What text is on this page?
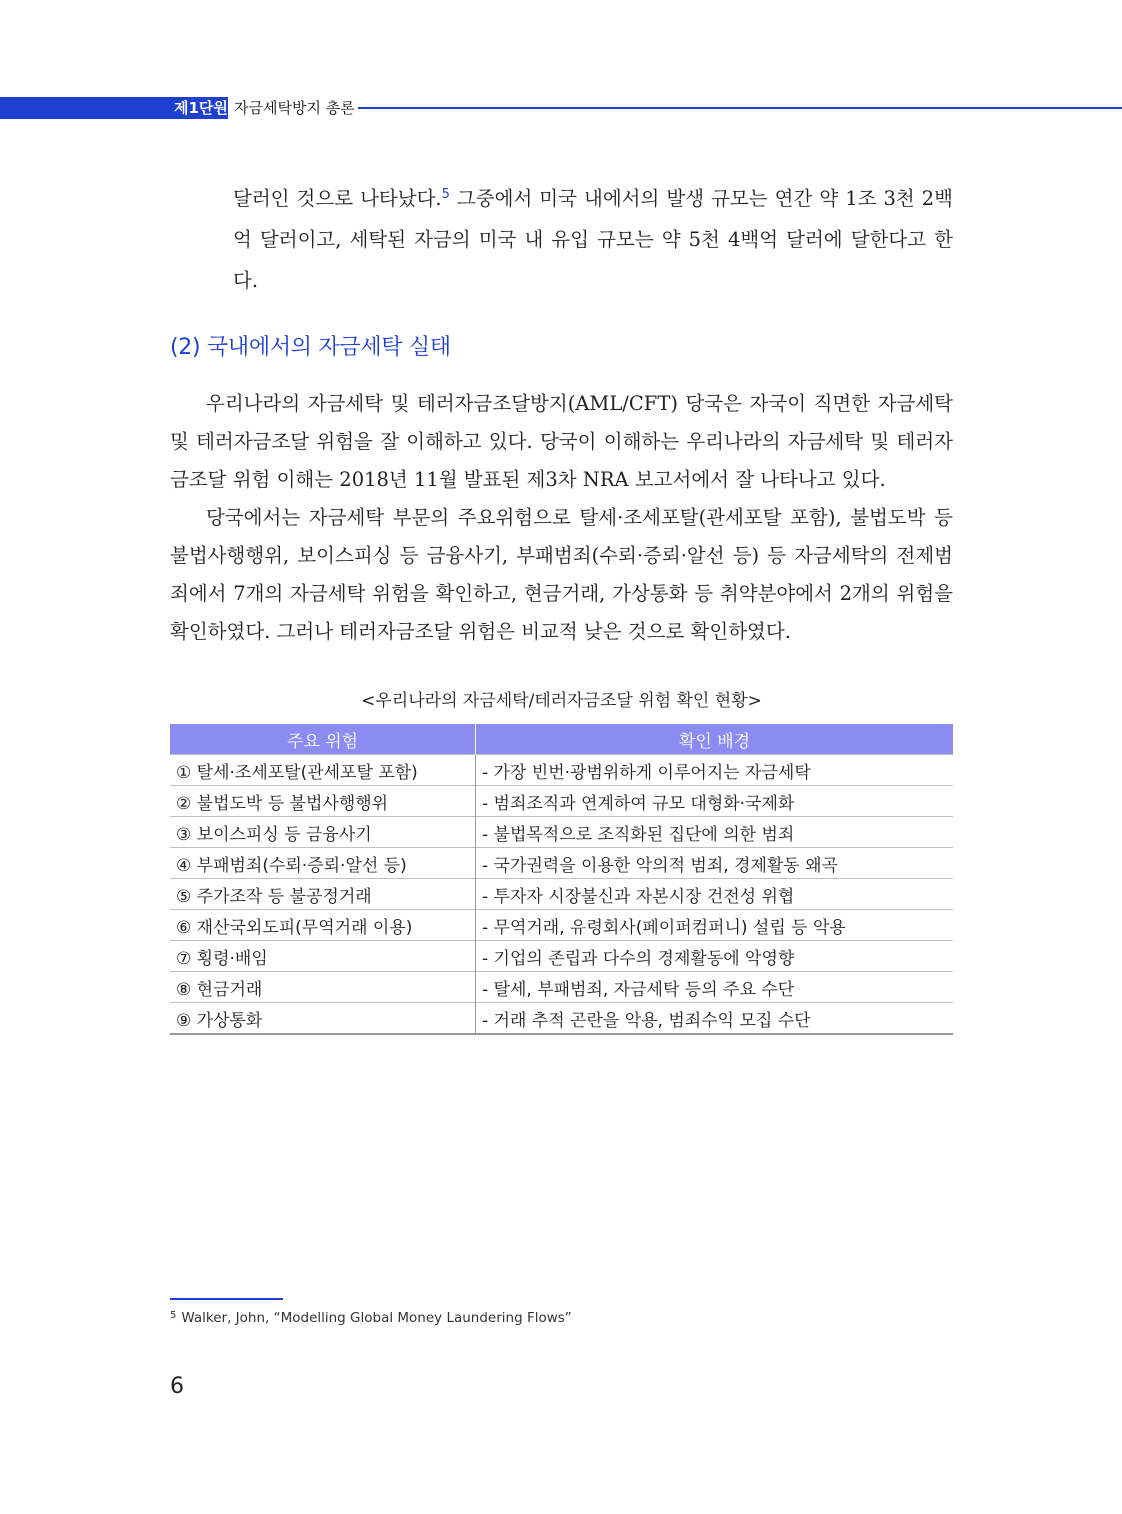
제1단원 자금세탁방지 총론

달러인 것으로 나타났다.$^5$ 그중에서 미국 내에서의 발생 규모는 연간 약 1조 3천 2백억 달러이고, 세탁된 자금의 미국 내 유입 규모는 약 5천 4백억 달러에 달한다고 한다.

(2) 국내에서의 자금세탁 실태

우리나라의 자금세탁 및 테러자금조달방지(AML/CFT) 당국은 자국이 직면한 자금세탁 및 테러자금조달 위험을 잘 이해하고 있다. 당국이 이해하는 우리나라의 자금세탁 및 테러자금조달 위험 이해는 2018년 11월 발표된 제3차 NRA 보고서에서 잘 나타나고 있다.

당국에서는 자금세탁 부문의 주요위험으로 탈세·조세포탈(관세포탈 포함), 불법도박 등 불법사행행위, 보이스피싱 등 금융사기, 부패범죄(수뢰·증뢰·알선 등) 등 자금세탁의 전제범죄에서 7개의 자금세탁 위험을 확인하고, 현금거래, 가상통화 등 취약분야에서 2개의 위험을 확인하였다. 그러나 테러자금조달 위험은 비교적 낮은 것으로 확인하였다.

<우리나라의 자금세탁/테러자금조달 위험 확인 현황>
주요 위험	확인 배경
① 탈세·조세포탈(관세포탈 포함)	- 가장 빈번·광범위하게 이루어지는 자금세탁
② 불법도박 등 불법사행행위	- 범죄조직과 연계하여 규모 대형화·국제화
③ 보이스피싱 등 금융사기	- 불법목적으로 조직화된 집단에 의한 범죄
④ 부패범죄(수뢰·증뢰·알선 등)	- 국가권력을 이용한 악의적 범죄, 경제활동 왜곡
⑤ 주가조작 등 불공정거래	- 투자자 시장불신과 자본시장 건전성 위협
⑥ 재산국외도피(무역거래 이용)	- 무역거래, 유령회사(페이퍼컴퍼니) 설립 등 악용
⑦ 횡령·배임	- 기업의 존립과 다수의 경제활동에 악영향
⑧ 현금거래	- 탈세, 부패범죄, 자금세탁 등의 주요 수단
⑨ 가상통화	- 거래 추적 곤란을 악용, 범죄수익 모집 수단
$^5$ Walker, John, “Modelling Global Money Laundering Flows”
6
